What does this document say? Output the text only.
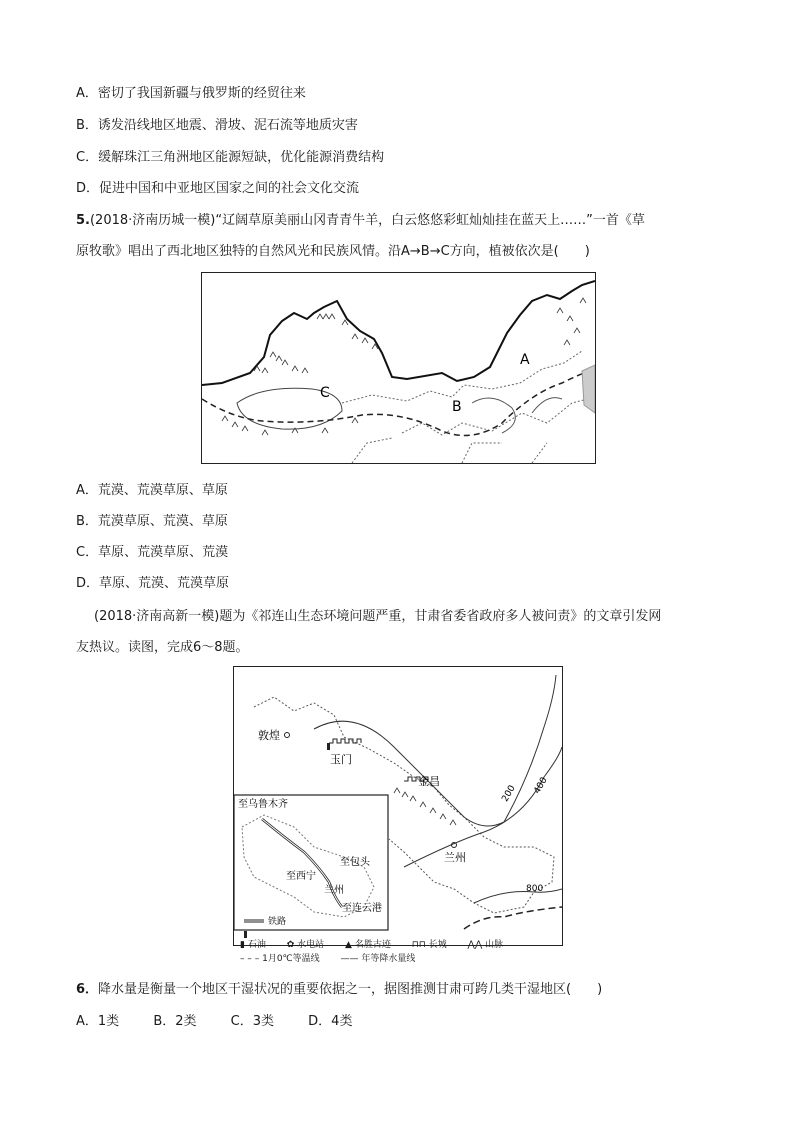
A．密切了我国新疆与俄罗斯的经贸往来
B．诱发沿线地区地震、滑坡、泥石流等地质灾害
C．缓解珠江三角洲地区能源短缺，优化能源消费结构
D．促进中国和中亚地区国家之间的社会文化交流
5.(2018·济南历城一模)“辽阔草原美丽山冈青青牛羊，白云悠悠彩虹灿灿挂在蓝天上……”一首《草
原牧歌》唱出了西北地区独特的自然风光和民族风情。沿A→B→C方向，植被依次是(　　)
A
B
C
A．荒漠、荒漠草原、草原
B．荒漠草原、荒漠、草原
C．草原、荒漠草原、荒漠
D．草原、荒漠、荒漠草原
(2018·济南高新一模)题为《祁连山生态环境问题严重，甘肃省委省政府多人被问责》的文章引发网
友热议。读图，完成6～8题。
敦煌
玉门
金昌
兰州
200 400
800
至乌鲁木齐
至包头
至西宁
兰州
至连云港
铁路
▮ 石油 ✿ 水电站 ▲ 名胜古迹 ⊓⊓ 长城 ⋀⋀ 山脉
– – – 1月0℃等温线 —— 年等降水量线
6．降水量是衡量一个地区干湿状况的重要依据之一，据图推测甘肃可跨几类干湿地区(　　)
A．1类	B．2类	C．3类	D．4类
